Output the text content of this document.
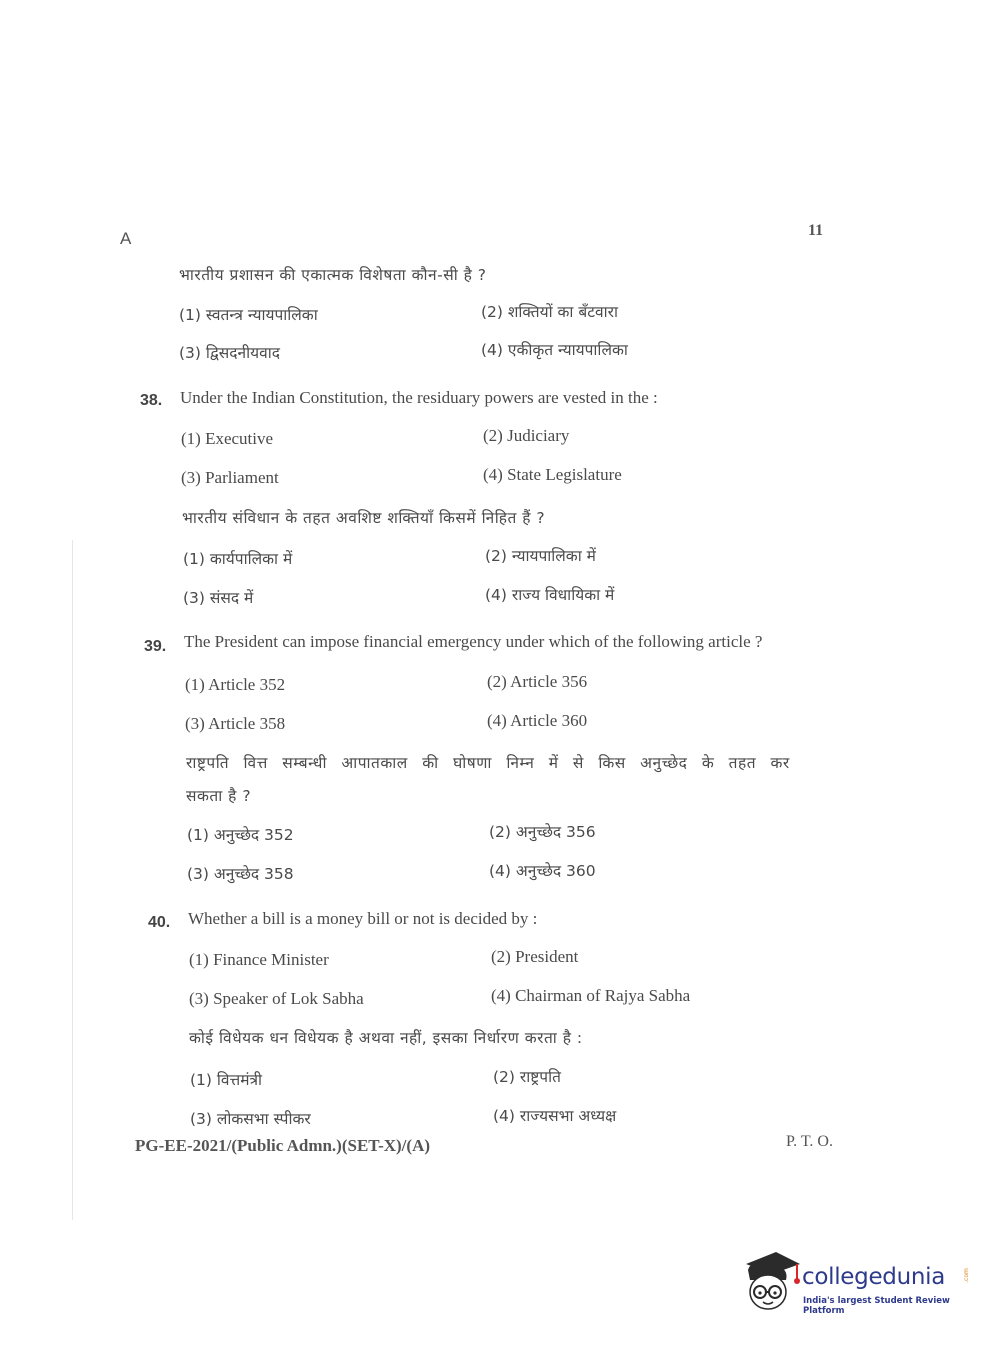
A	11
भारतीय प्रशासन की एकात्मक विशेषता कौन-सी है ?
(1) स्वतन्त्र न्यायपालिका	(2) शक्तियों का बँटवारा
(3) द्विसदनीयवाद	(4) एकीकृत न्यायपालिका
38. Under the Indian Constitution, the residuary powers are vested in the :
(1) Executive	(2) Judiciary
(3) Parliament	(4) State Legislature
भारतीय संविधान के तहत अवशिष्ट शक्तियाँ किसमें निहित हैं ?
(1) कार्यपालिका में	(2) न्यायपालिका में
(3) संसद में	(4) राज्य विधायिका में
39. The President can impose financial emergency under which of the following article ?
(1) Article 352	(2) Article 356
(3) Article 358	(4) Article 360
राष्ट्रपति वित्त सम्बन्धी आपातकाल की घोषणा निम्न में से किस अनुच्छेद के तहत कर
सकता है ?
(1) अनुच्छेद 352	(2) अनुच्छेद 356
(3) अनुच्छेद 358	(4) अनुच्छेद 360
40. Whether a bill is a money bill or not is decided by :
(1) Finance Minister	(2) President
(3) Speaker of Lok Sabha	(4) Chairman of Rajya Sabha
कोई विधेयक धन विधेयक है अथवा नहीं, इसका निर्धारण करता है :
(1) वित्तमंत्री	(2) राष्ट्रपति
(3) लोकसभा स्पीकर	(4) राज्यसभा अध्यक्ष
PG-EE-2021/(Public Admn.)(SET-X)/(A)	P. T. O.
collegedunia	.com
India's largest Student Review Platform
